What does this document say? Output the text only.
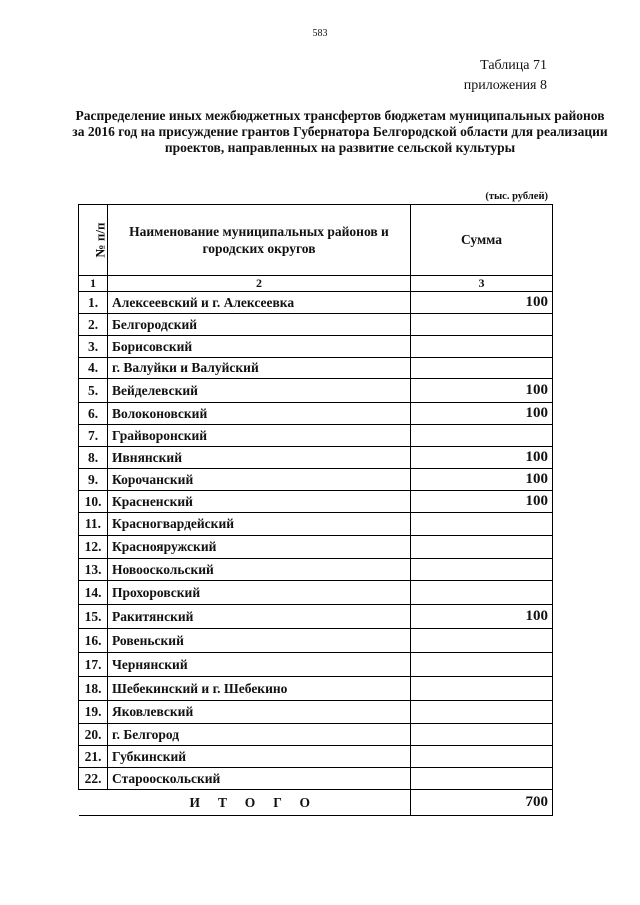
583
Таблица 71
приложения 8
Распределение иных межбюджетных трансфертов бюджетам муниципальных районов за 2016 год на присуждение грантов Губернатора Белгородской области для реализации проектов, направленных на развитие сельской культуры
(тыс. рублей)
№ п/п	Наименование муниципальных районов и городских округов	Сумма
1	2	3
1.	Алексеевский и г. Алексеевка	100
2.	Белгородский	
3.	Борисовский	
4.	г. Валуйки и Валуйский	
5.	Вейделевский	100
6.	Волоконовский	100
7.	Грайворонский	
8.	Ивнянский	100
9.	Корочанский	100
10.	Красненский	100
11.	Красногвардейский	
12.	Краснояружский	
13.	Новооскольский	
14.	Прохоровский	
15.	Ракитянский	100
16.	Ровеньский	
17.	Чернянский	
18.	Шебекинский и г. Шебекино	
19.	Яковлевский	
20.	г. Белгород	
21.	Губкинский	
22.	Старооскольский	
	ИТОГО	700
